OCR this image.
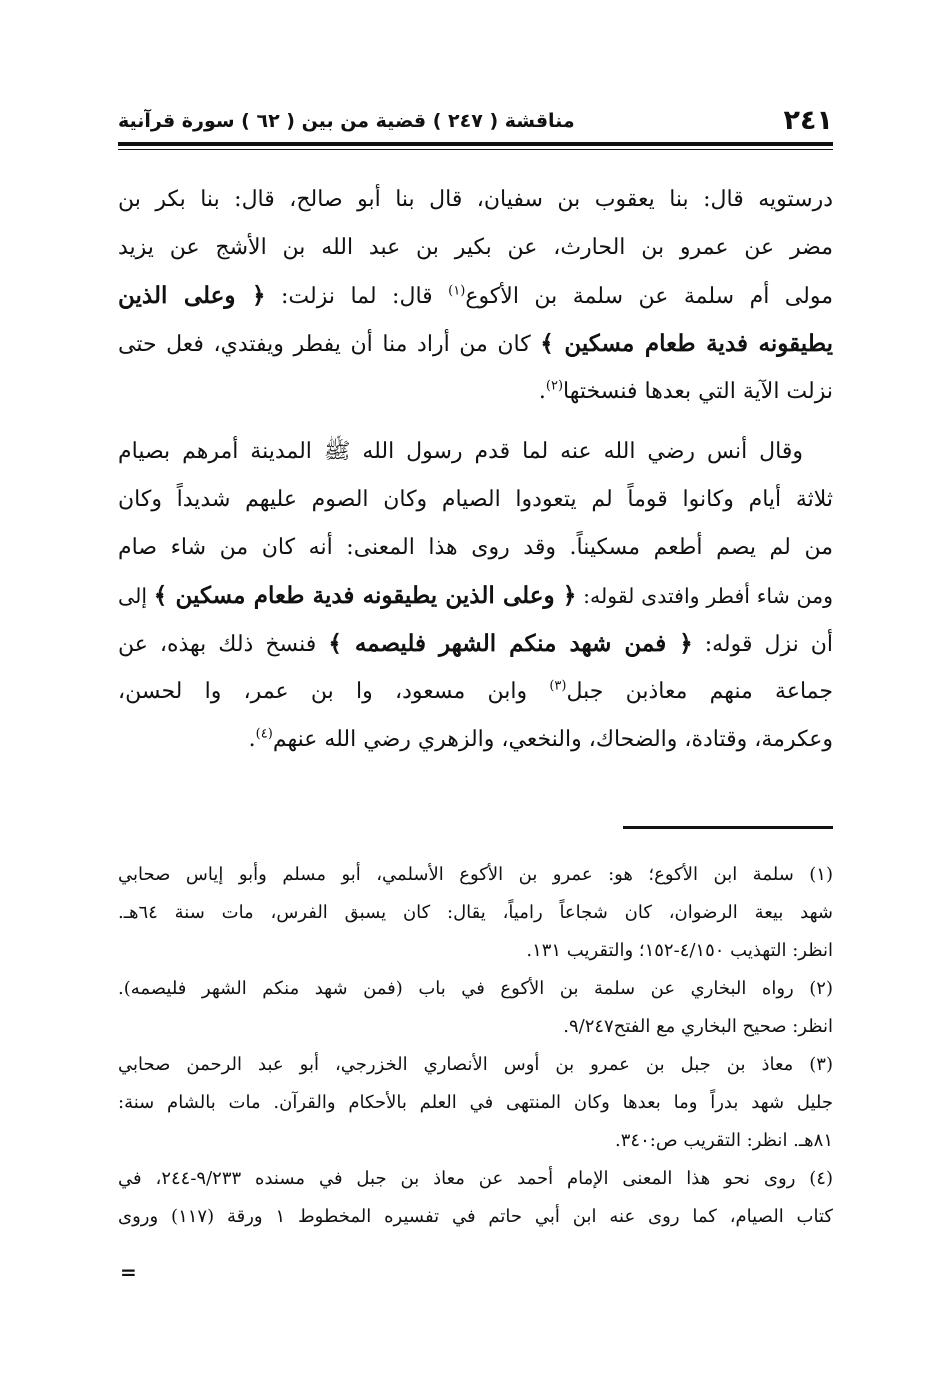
٢٤١
مناقشة ( ٢٤٧ ) قضية من بين ( ٦٢ ) سورة قرآنية
درستويه قال: بنا يعقوب بن سفيان، قال بنا أبو صالح، قال: بنا بكر بن
مضر عن عمرو بن الحارث، عن بكير بن عبد الله بن الأشج عن يزيد
مولى أم سلمة عن سلمة بن الأكوع$^{(١)}$ قال: لما نزلت: ﴿ وعلى الذين
يطيقونه فدية طعام مسكين ﴾ كان من أراد منا أن يفطر ويفتدي، فعل حتى
نزلت الآية التي بعدها فنسختها$^{(٢)}$.
وقال أنس رضي الله عنه لما قدم رسول الله ﷺ المدينة أمرهم بصيام
ثلاثة أيام وكانوا قوماً لم يتعودوا الصيام وكان الصوم عليهم شديداً وكان
من لم يصم أطعم مسكيناً. وقد روى هذا المعنى: أنه كان من شاء صام
ومن شاء أفطر وافتدى لقوله: ﴿ وعلى الذين يطيقونه فدية طعام مسكين ﴾ إلى
أن نزل قوله: ﴿ فمن شهد منكم الشهر فليصمه ﴾ فنسخ ذلك بهذه، عن
جماعة منهم معاذبن جبل$^{(٣)}$ وابن مسعود، وا بن عمر، وا لحسن،
وعكرمة، وقتادة، والضحاك، والنخعي، والزهري رضي الله عنهم$^{(٤)}$.
(١) سلمة ابن الأكوع؛ هو: عمرو بن الأكوع الأسلمي، أبو مسلم وأبو إياس صحابي
شهد بيعة الرضوان، كان شجاعاً رامياً، يقال: كان يسبق الفرس، مات سنة ٦٤هـ.
انظر: التهذيب ٤/١٥٠-١٥٢؛ والتقريب ١٣١.
(٢) رواه البخاري عن سلمة بن الأكوع في باب (فمن شهد منكم الشهر فليصمه).
انظر: صحيح البخاري مع الفتح٩/٢٤٧.
(٣) معاذ بن جبل بن عمرو بن أوس الأنصاري الخزرجي، أبو عبد الرحمن صحابي
جليل شهد بدراً وما بعدها وكان المنتهى في العلم بالأحكام والقرآن. مات بالشام سنة:
٨١هـ. انظر: التقريب ص:٣٤٠.
(٤) روى نحو هذا المعنى الإمام أحمد عن معاذ بن جبل في مسنده ٩/٢٣٣-٢٤٤، في
كتاب الصيام، كما روى عنه ابن أبي حاتم في تفسيره المخطوط ١ ورقة (١١٧) وروى
=
